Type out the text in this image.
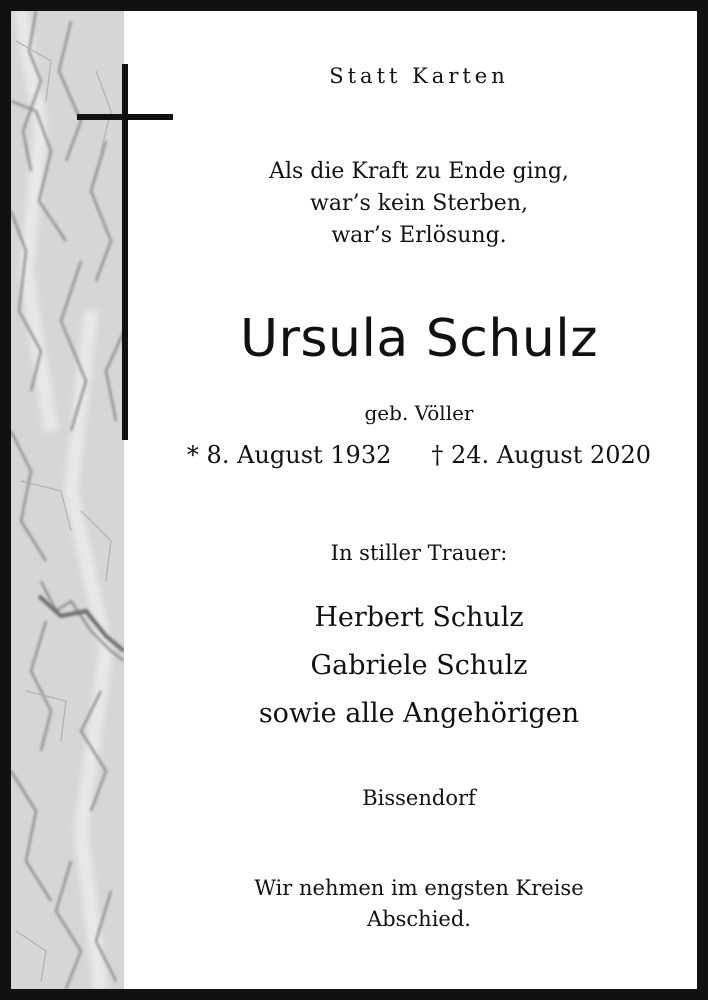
Statt Karten
Als die Kraft zu Ende ging,
war’s kein Sterben,
war’s Erlösung.
Ursula Schulz
geb. Völler
* 8. August 1932 † 24. August 2020
In stiller Trauer:
Herbert Schulz
Gabriele Schulz
sowie alle Angehörigen
Bissendorf
Wir nehmen im engsten Kreise
Abschied.
